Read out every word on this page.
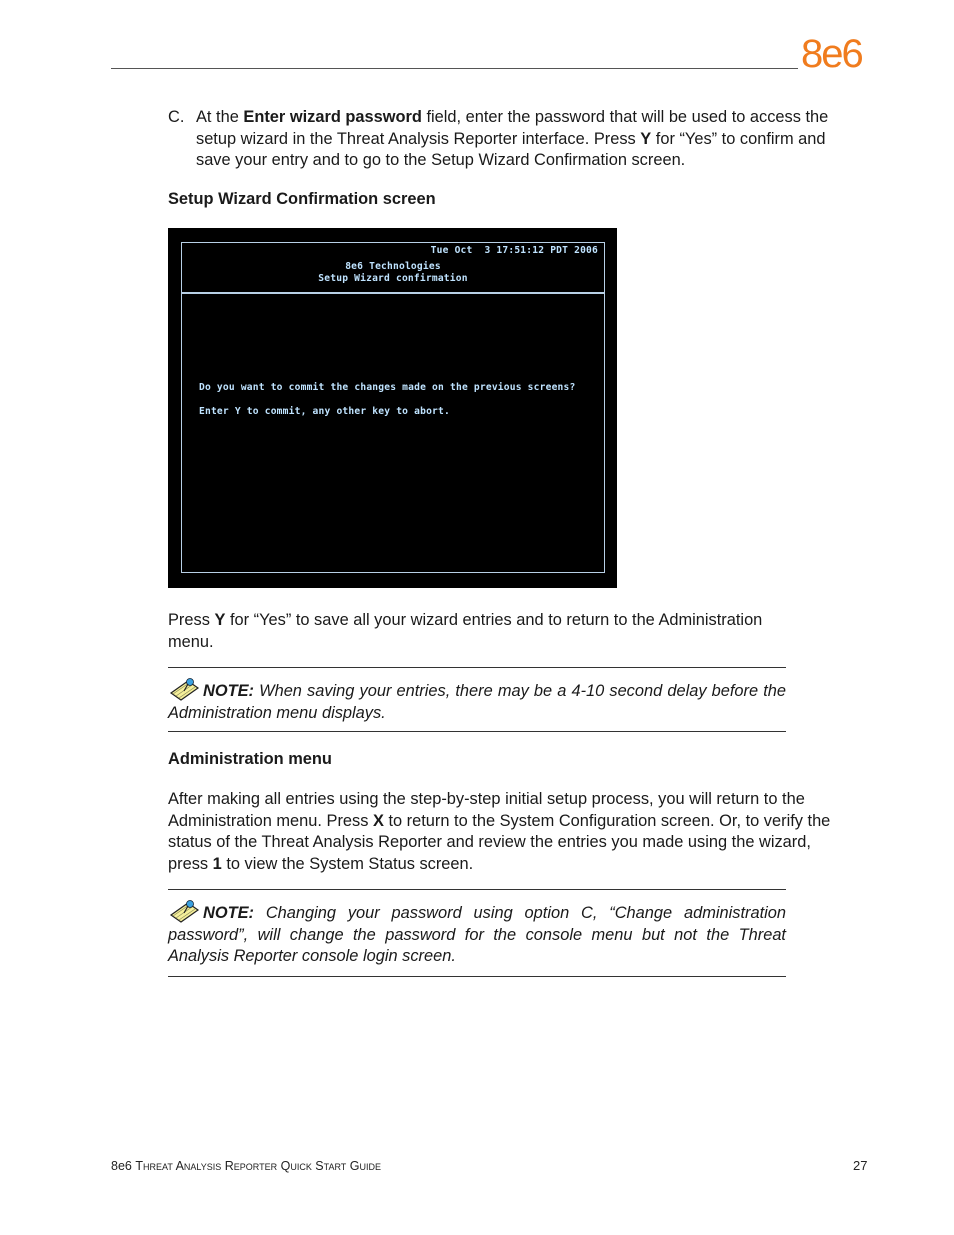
8e6
C. At the Enter wizard password field, enter the password that will be used to access the setup wizard in the Threat Analysis Reporter interface. Press Y for “Yes” to confirm and save your entry and to go to the Setup Wizard Confirmation screen.
Setup Wizard Confirmation screen
Tue Oct  3 17:51:12 PDT 2006
8e6 Technologies
Setup Wizard confirmation
Do you want to commit the changes made on the previous screens?
Enter Y to commit, any other key to abort.
Press Y for “Yes” to save all your wizard entries and to return to the Administration menu.
NOTE: When saving your entries, there may be a 4-10 second delay before the Administration menu displays.
Administration menu
After making all entries using the step-by-step initial setup process, you will return to the Administration menu. Press X to return to the System Configuration screen. Or, to verify the status of the Threat Analysis Reporter and review the entries you made using the wizard, press 1 to view the System Status screen.
NOTE: Changing your password using option C, “Change administration password”, will change the password for the console menu but not the Threat Analysis Reporter console login screen.
8e6 Threat Analysis Reporter Quick Start Guide	27
